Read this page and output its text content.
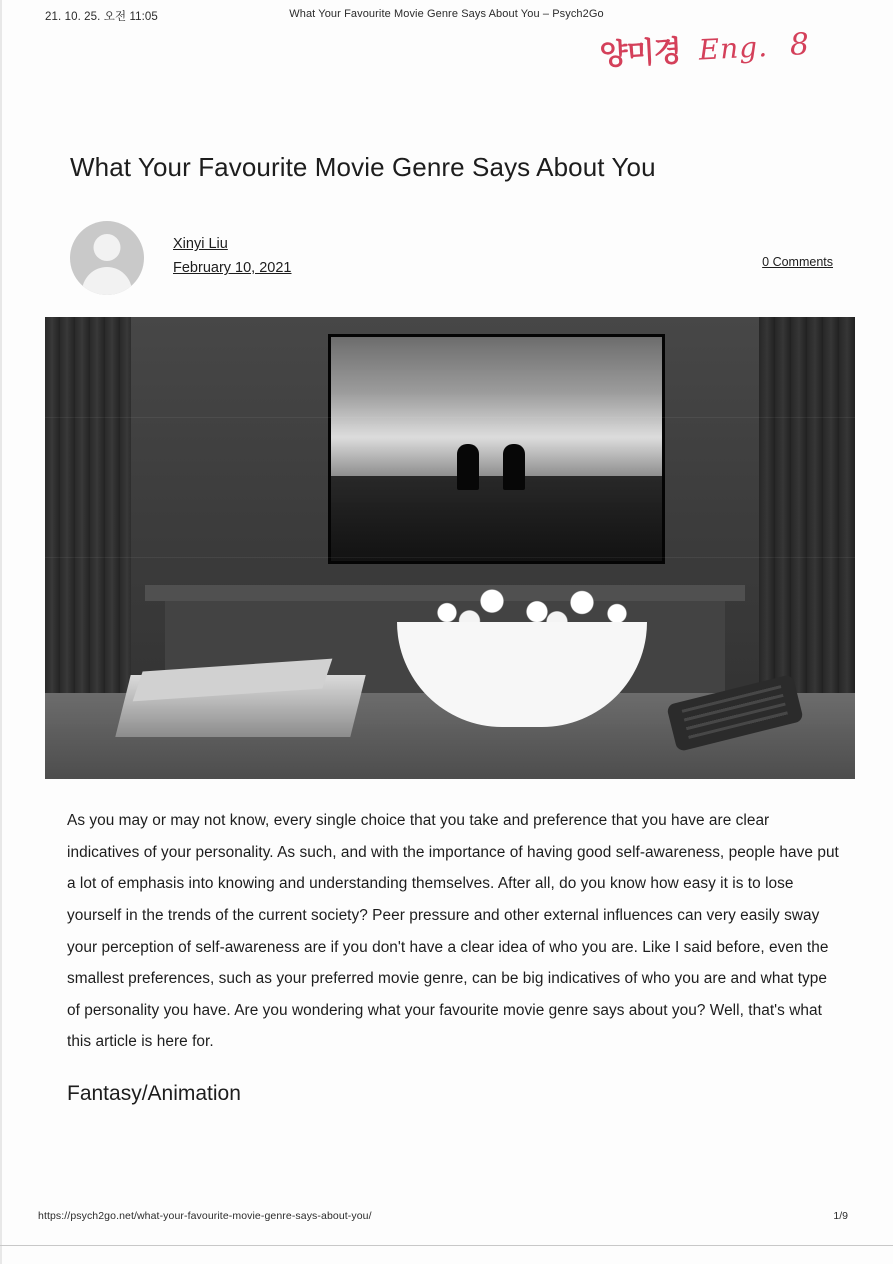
21. 10. 25. 오전 11:05	What Your Favourite Movie Genre Says About You – Psych2Go
양미경 Eng. 8
What Your Favourite Movie Genre Says About You
Xinyi Liu
February 10, 2021	0 Comments

As you may or may not know, every single choice that you take and preference that you have are clear indicatives of your personality. As such, and with the importance of having good self-awareness, people have put a lot of emphasis into knowing and understanding themselves. After all, do you know how easy it is to lose yourself in the trends of the current society? Peer pressure and other external influences can very easily sway your perception of self-awareness are if you don't have a clear idea of who you are. Like I said before, even the smallest preferences, such as your preferred movie genre, can be big indicatives of who you are and what type of personality you have. Are you wondering what your favourite movie genre says about you? Well, that's what this article is here for.

Fantasy/Animation
https://psych2go.net/what-your-favourite-movie-genre-says-about-you/	1/9
